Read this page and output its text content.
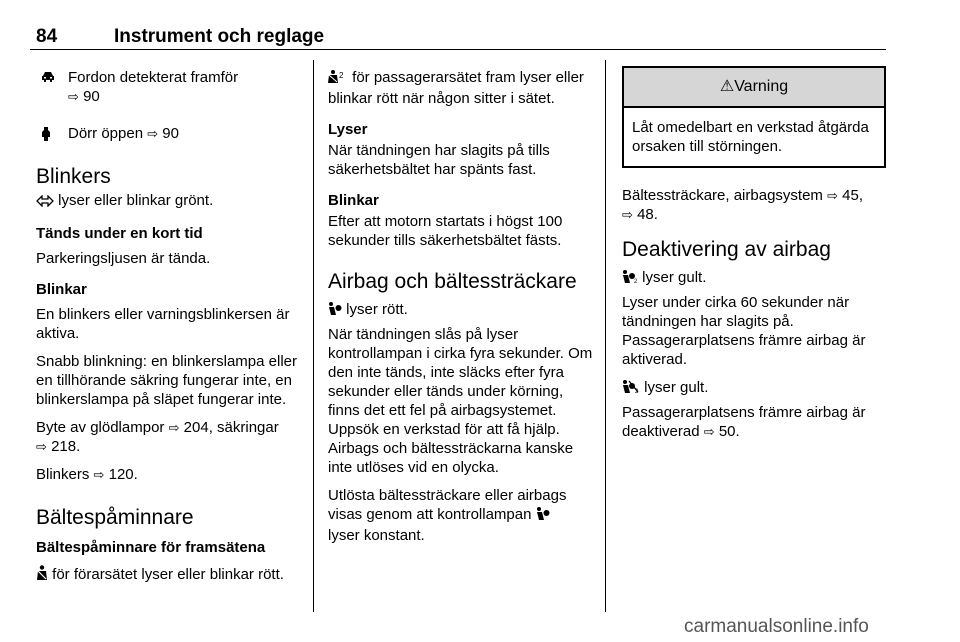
84	Instrument och reglage
Fordon detekterat framför
⇨ 90
Dörr öppen ⇨ 90
Blinkers

lyser eller blinkar grönt.

Tänds under en kort tid

Parkeringsljusen är tända.

Blinkar

En blinkers eller varningsblinkersen är aktiva.

Snabb blinkning: en blinkerslampa eller en tillhörande säkring fungerar inte, en blinkerslampa på släpet fungerar inte.

Byte av glödlampor ⇨ 204, säkringar
⇨ 218.

Blinkers ⇨ 120.

Bältespåminnare
Bältespåminnare för framsätena

för förarsätet lyser eller blinkar rött.

2 för passagerarsätet fram lyser eller blinkar rött när någon sitter i sätet.

Lyser

När tändningen har slagits på tills säkerhetsbältet har spänts fast.

Blinkar

Efter att motorn startats i högst 100 sekunder tills säkerhetsbältet fästs.

Airbag och bältessträckare

lyser rött.

När tändningen slås på lyser kontrollampan i cirka fyra sekunder. Om den inte tänds, inte släcks efter fyra sekunder eller tänds under körning, finns det ett fel på airbagsystemet. Uppsök en verkstad för att få hjälp. Airbags och bältessträckarna kanske inte utlöses vid en olycka.

Utlösta bältessträckare eller airbags visas genom att kontrollampan
lyser konstant.

⚠Varning
Låt omedelbart en verkstad åtgärda orsaken till störningen.

Bältessträckare, airbagsystem ⇨ 45,
⇨ 48.

Deaktivering av airbag

2 lyser gult.

Lyser under cirka 60 sekunder när tändningen har slagits på. Passagerarplatsens främre airbag är aktiverad.

2 lyser gult.

Passagerarplatsens främre airbag är deaktiverad ⇨ 50.

carmanualsonline.info
